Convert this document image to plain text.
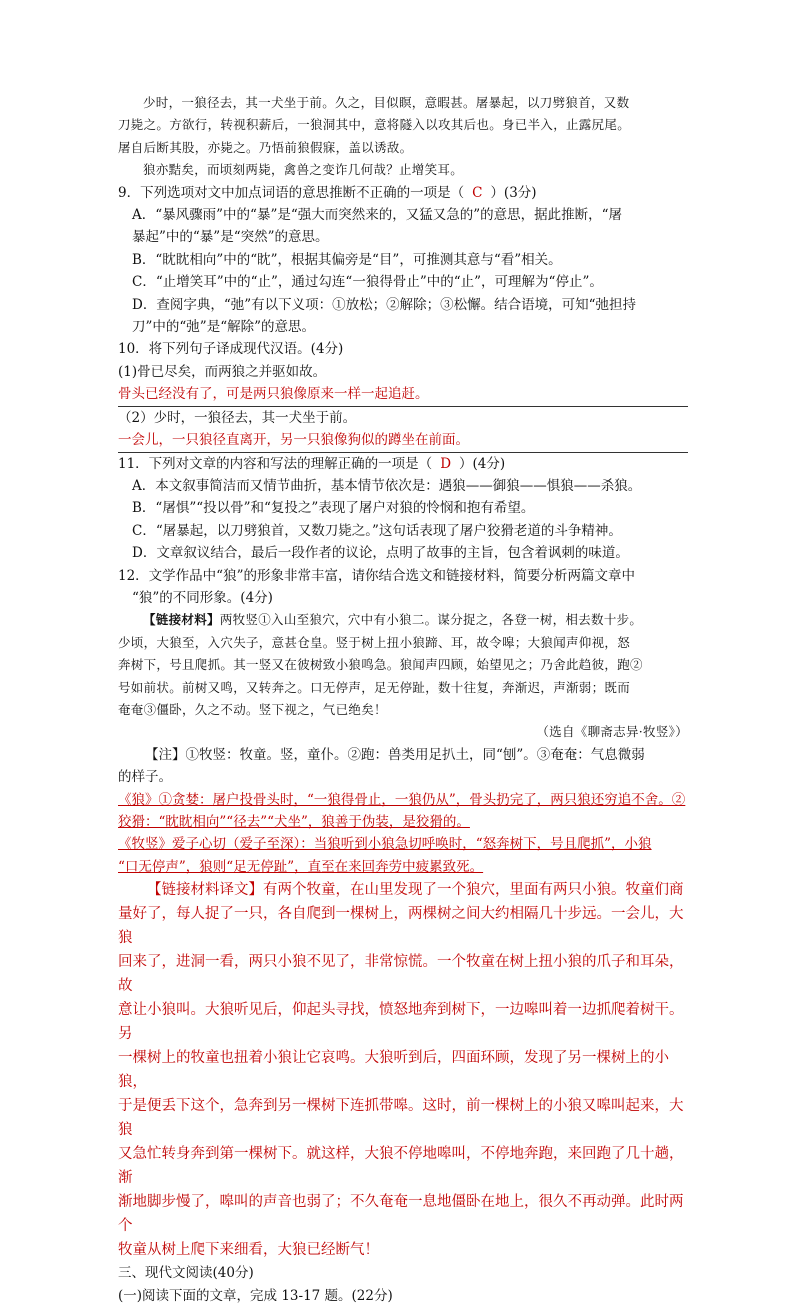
少时，一狼径去，其一犬坐于前。久之，目似瞑，意暇甚。屠暴起，以刀劈狼首，又数

刀毙之。方欲行，转视积薪后，一狼洞其中，意将隧入以攻其后也。身已半入，止露尻尾。

屠自后断其股，亦毙之。乃悟前狼假寐，盖以诱敌。

狼亦黠矣，而顷刻两毙，禽兽之变诈几何哉？止增笑耳。

9．下列选项对文中加点词语的意思推断不正确的一项是（ C ）(3分)

A．“暴风骤雨”中的“暴”是“强大而突然来的，又猛又急的”的意思，据此推断，“屠

暴起”中的“暴”是“突然”的意思。

B．“眈眈相向”中的“眈”，根据其偏旁是“目”，可推测其意与“看”相关。

C．“止增笑耳”中的“止”，通过勾连“一狼得骨止”中的“止”，可理解为“停止”。

D．查阅字典，“弛”有以下义项：①放松；②解除；③松懈。结合语境，可知“弛担持

刀”中的“弛”是“解除”的意思。

10．将下列句子译成现代汉语。(4分)

(1)骨已尽矣，而两狼之并驱如故。

骨头已经没有了，可是两只狼像原来一样一起追赶。

（2）少时，一狼径去，其一犬坐于前。

一会儿，一只狼径直离开，另一只狼像狗似的蹲坐在前面。

11．下列对文章的内容和写法的理解正确的一项是（ D ）(4分)

A．本文叙事简洁而又情节曲折，基本情节依次是：遇狼——御狼——惧狼——杀狼。

B．“屠惧”“投以骨”和“复投之”表现了屠户对狼的怜悯和抱有希望。

C．“屠暴起，以刀劈狼首，又数刀毙之。”这句话表现了屠户狡猾老道的斗争精神。

D．文章叙议结合，最后一段作者的议论，点明了故事的主旨，包含着讽刺的味道。

12．文学作品中“狼”的形象非常丰富，请你结合选文和链接材料，简要分析两篇文章中

“狼”的不同形象。(4分)

【链接材料】两牧竖①入山至狼穴，穴中有小狼二。谋分捉之，各登一树，相去数十步。

少顷，大狼至，入穴失子，意甚仓皇。竖于树上扭小狼蹄、耳，故令嗥；大狼闻声仰视，怒

奔树下，号且爬抓。其一竖又在彼树致小狼鸣急。狼闻声四顾，始望见之；乃舍此趋彼，跑②

号如前状。前树又鸣，又转奔之。口无停声，足无停趾，数十往复，奔渐迟，声渐弱；既而

奄奄③僵卧，久之不动。竖下视之，气已绝矣！

（选自《聊斋志异·牧竖》）

【注】①牧竖：牧童。竖，童仆。②跑：兽类用足扒土，同“刨”。③奄奄：气息微弱

的样子。

《狼》①贪婪：屠户投骨头时，“一狼得骨止，一狼仍从”，骨头扔完了，两只狼还穷追不舍。②

狡猾：“眈眈相向”“径去”“犬坐”，狼善于伪装，是狡猾的。

《牧竖》爱子心切（爱子至深）：当狼听到小狼急切呼唤时，“怒奔树下，号且爬抓”，小狼

“口无停声”，狼则“足无停趾”，直至在来回奔劳中疲累致死。

【链接材料译文】有两个牧童，在山里发现了一个狼穴，里面有两只小狼。牧童们商

量好了，每人捉了一只，各自爬到一棵树上，两棵树之间大约相隔几十步远。一会儿，大狼

回来了，进洞一看，两只小狼不见了，非常惊慌。一个牧童在树上扭小狼的爪子和耳朵，故

意让小狼叫。大狼听见后，仰起头寻找，愤怒地奔到树下，一边嗥叫着一边抓爬着树干。另

一棵树上的牧童也扭着小狼让它哀鸣。大狼听到后，四面环顾，发现了另一棵树上的小狼，

于是便丢下这个，急奔到另一棵树下连抓带嗥。这时，前一棵树上的小狼又嗥叫起来，大狼

又急忙转身奔到第一棵树下。就这样，大狼不停地嗥叫，不停地奔跑，来回跑了几十趟，渐

渐地脚步慢了，嗥叫的声音也弱了；不久奄奄一息地僵卧在地上，很久不再动弹。此时两个

牧童从树上爬下来细看，大狼已经断气！

三、现代文阅读(40分)

(一)阅读下面的文章，完成 13-17 题。(22分)
